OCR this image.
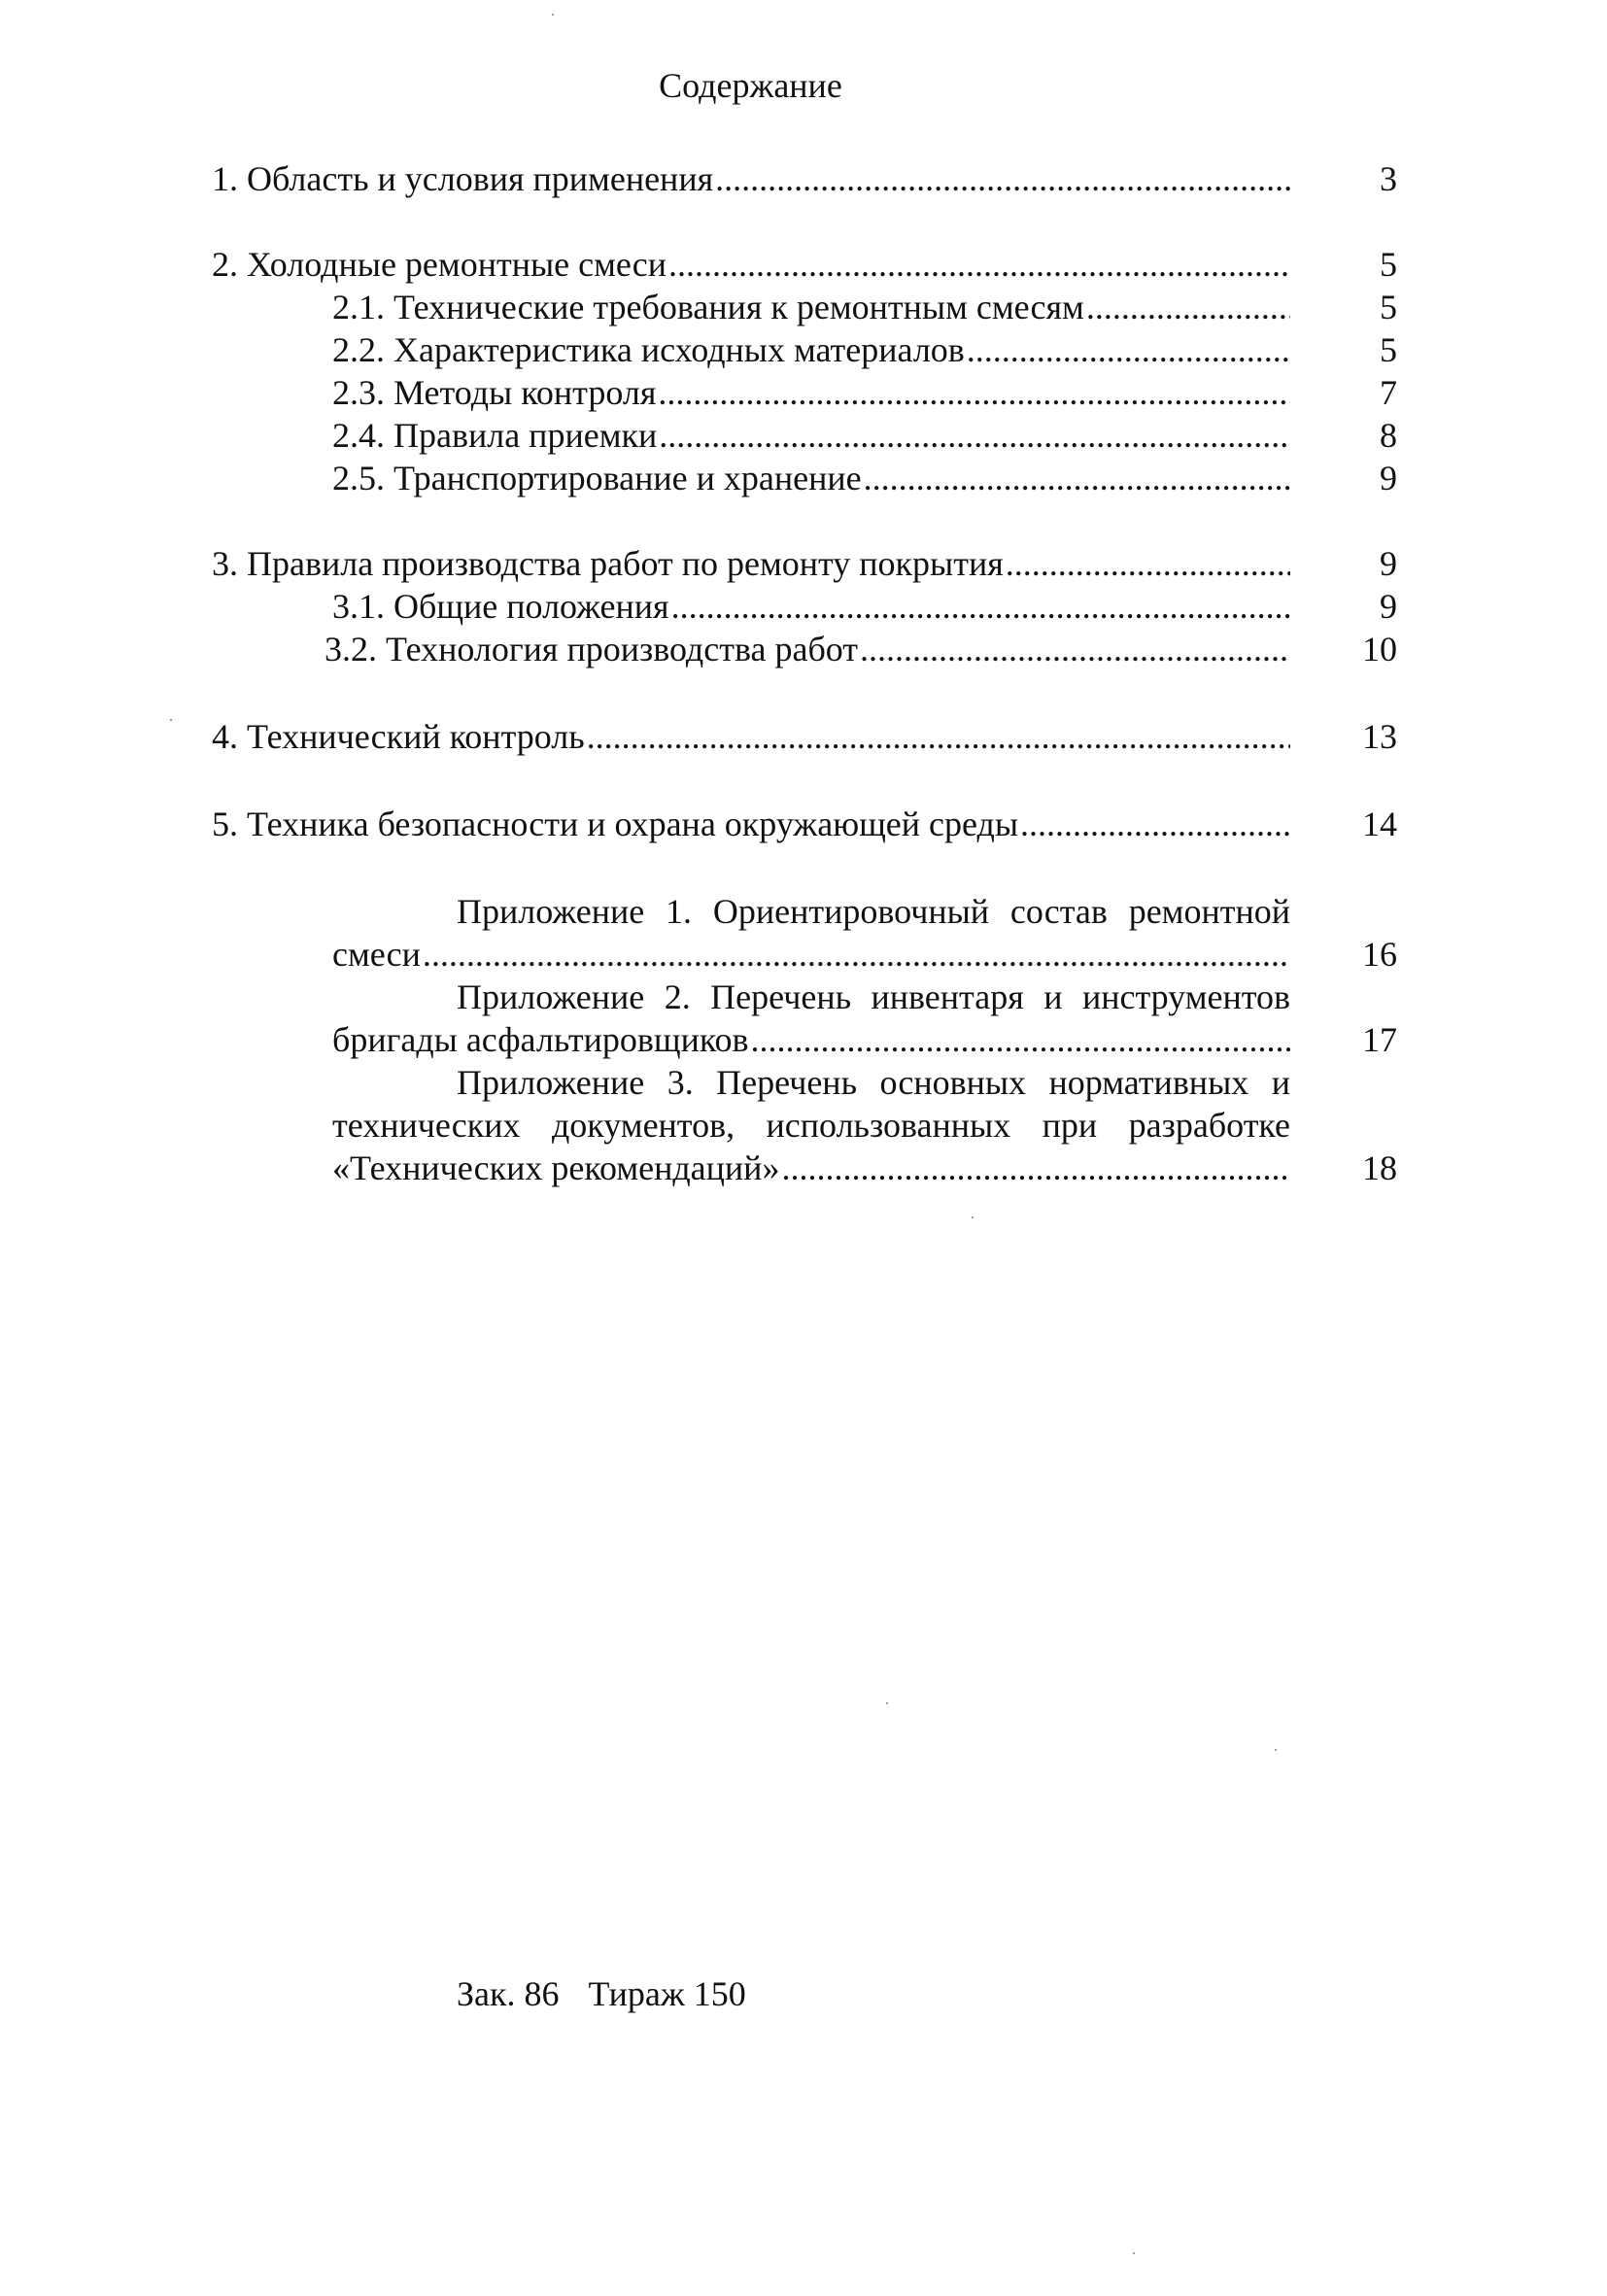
Содержание
1. Область и условия применения .....	3
2. Холодные ремонтные смеси .....	5
2.1. Технические требования к ремонтным смесям .....	5
2.2. Характеристика исходных материалов .....	5
2.3. Методы контроля .....	7
2.4. Правила приемки .....	8
2.5. Транспортирование и хранение .....	9
3. Правила производства работ по ремонту покрытия .....	9
3.1. Общие положения .....	9
3.2. Технология производства работ .....	10
4. Технический контроль .....	13
5. Техника безопасности и охрана окружающей среды .....	14
Приложение 1. Ориентировочный состав ремонтной
смеси .....	16
Приложение 2. Перечень инвентаря и инструментов
бригады асфальтировщиков .....	17
Приложение 3. Перечень основных нормативных и
технических документов, использованных при разработке
«Технических рекомендаций» .....	18
Зак. 86 Тираж 150
